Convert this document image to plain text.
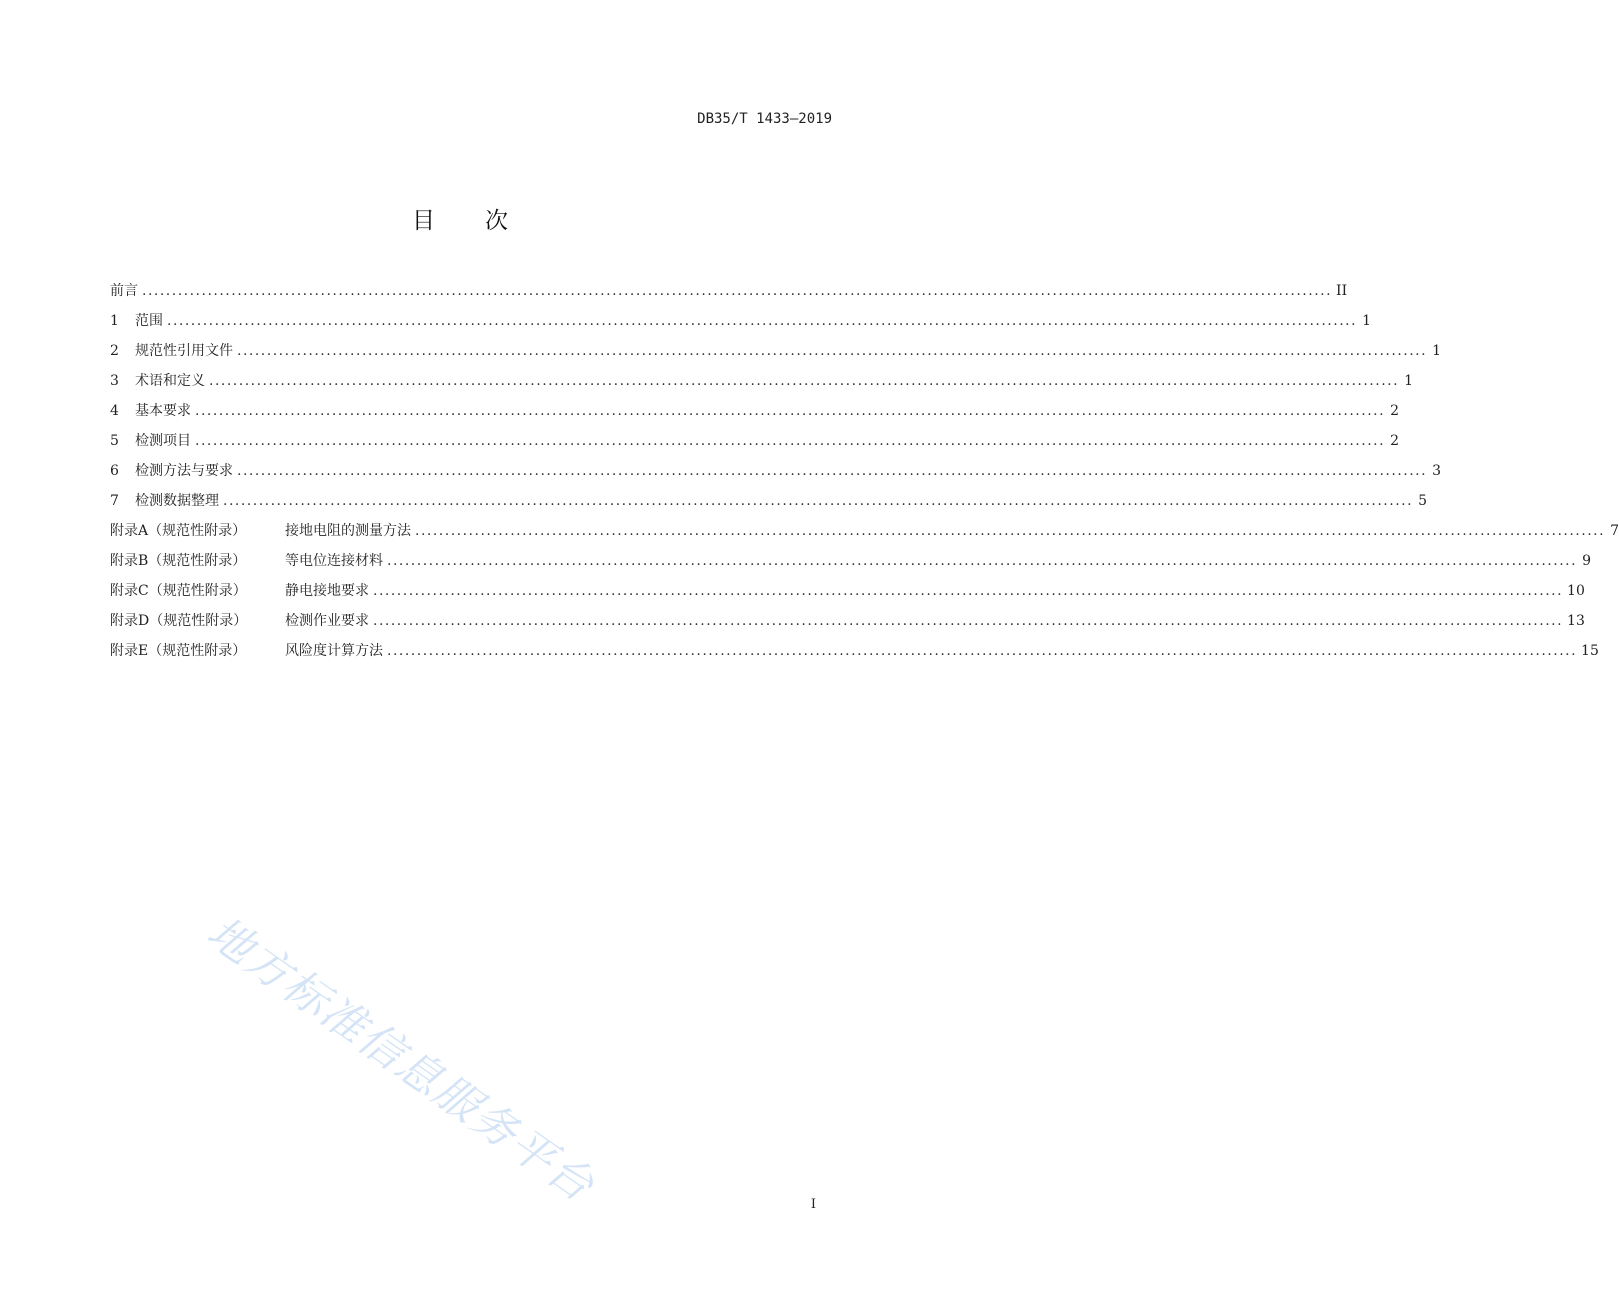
DB35/T 1433—2019
目次
前言 ........................................................................................................................................................................................................ II
1	范围 ........................................................................................................................................................................................................ 1
2	规范性引用文件 ........................................................................................................................................................................................................ 1
3	术语和定义 ........................................................................................................................................................................................................ 1
4	基本要求 ........................................................................................................................................................................................................ 2
5	检测项目 ........................................................................................................................................................................................................ 2
6	检测方法与要求 ........................................................................................................................................................................................................ 3
7	检测数据整理 ........................................................................................................................................................................................................ 5
附录A（规范性附录）	接地电阻的测量方法 ........................................................................................................................................................................................................ 7
附录B（规范性附录）	等电位连接材料 ........................................................................................................................................................................................................ 9
附录C（规范性附录）	静电接地要求 ........................................................................................................................................................................................................ 10
附录D（规范性附录）	检测作业要求 ........................................................................................................................................................................................................ 13
附录E（规范性附录）	风险度计算方法 ........................................................................................................................................................................................................ 15
地方标准信息服务平台	I
